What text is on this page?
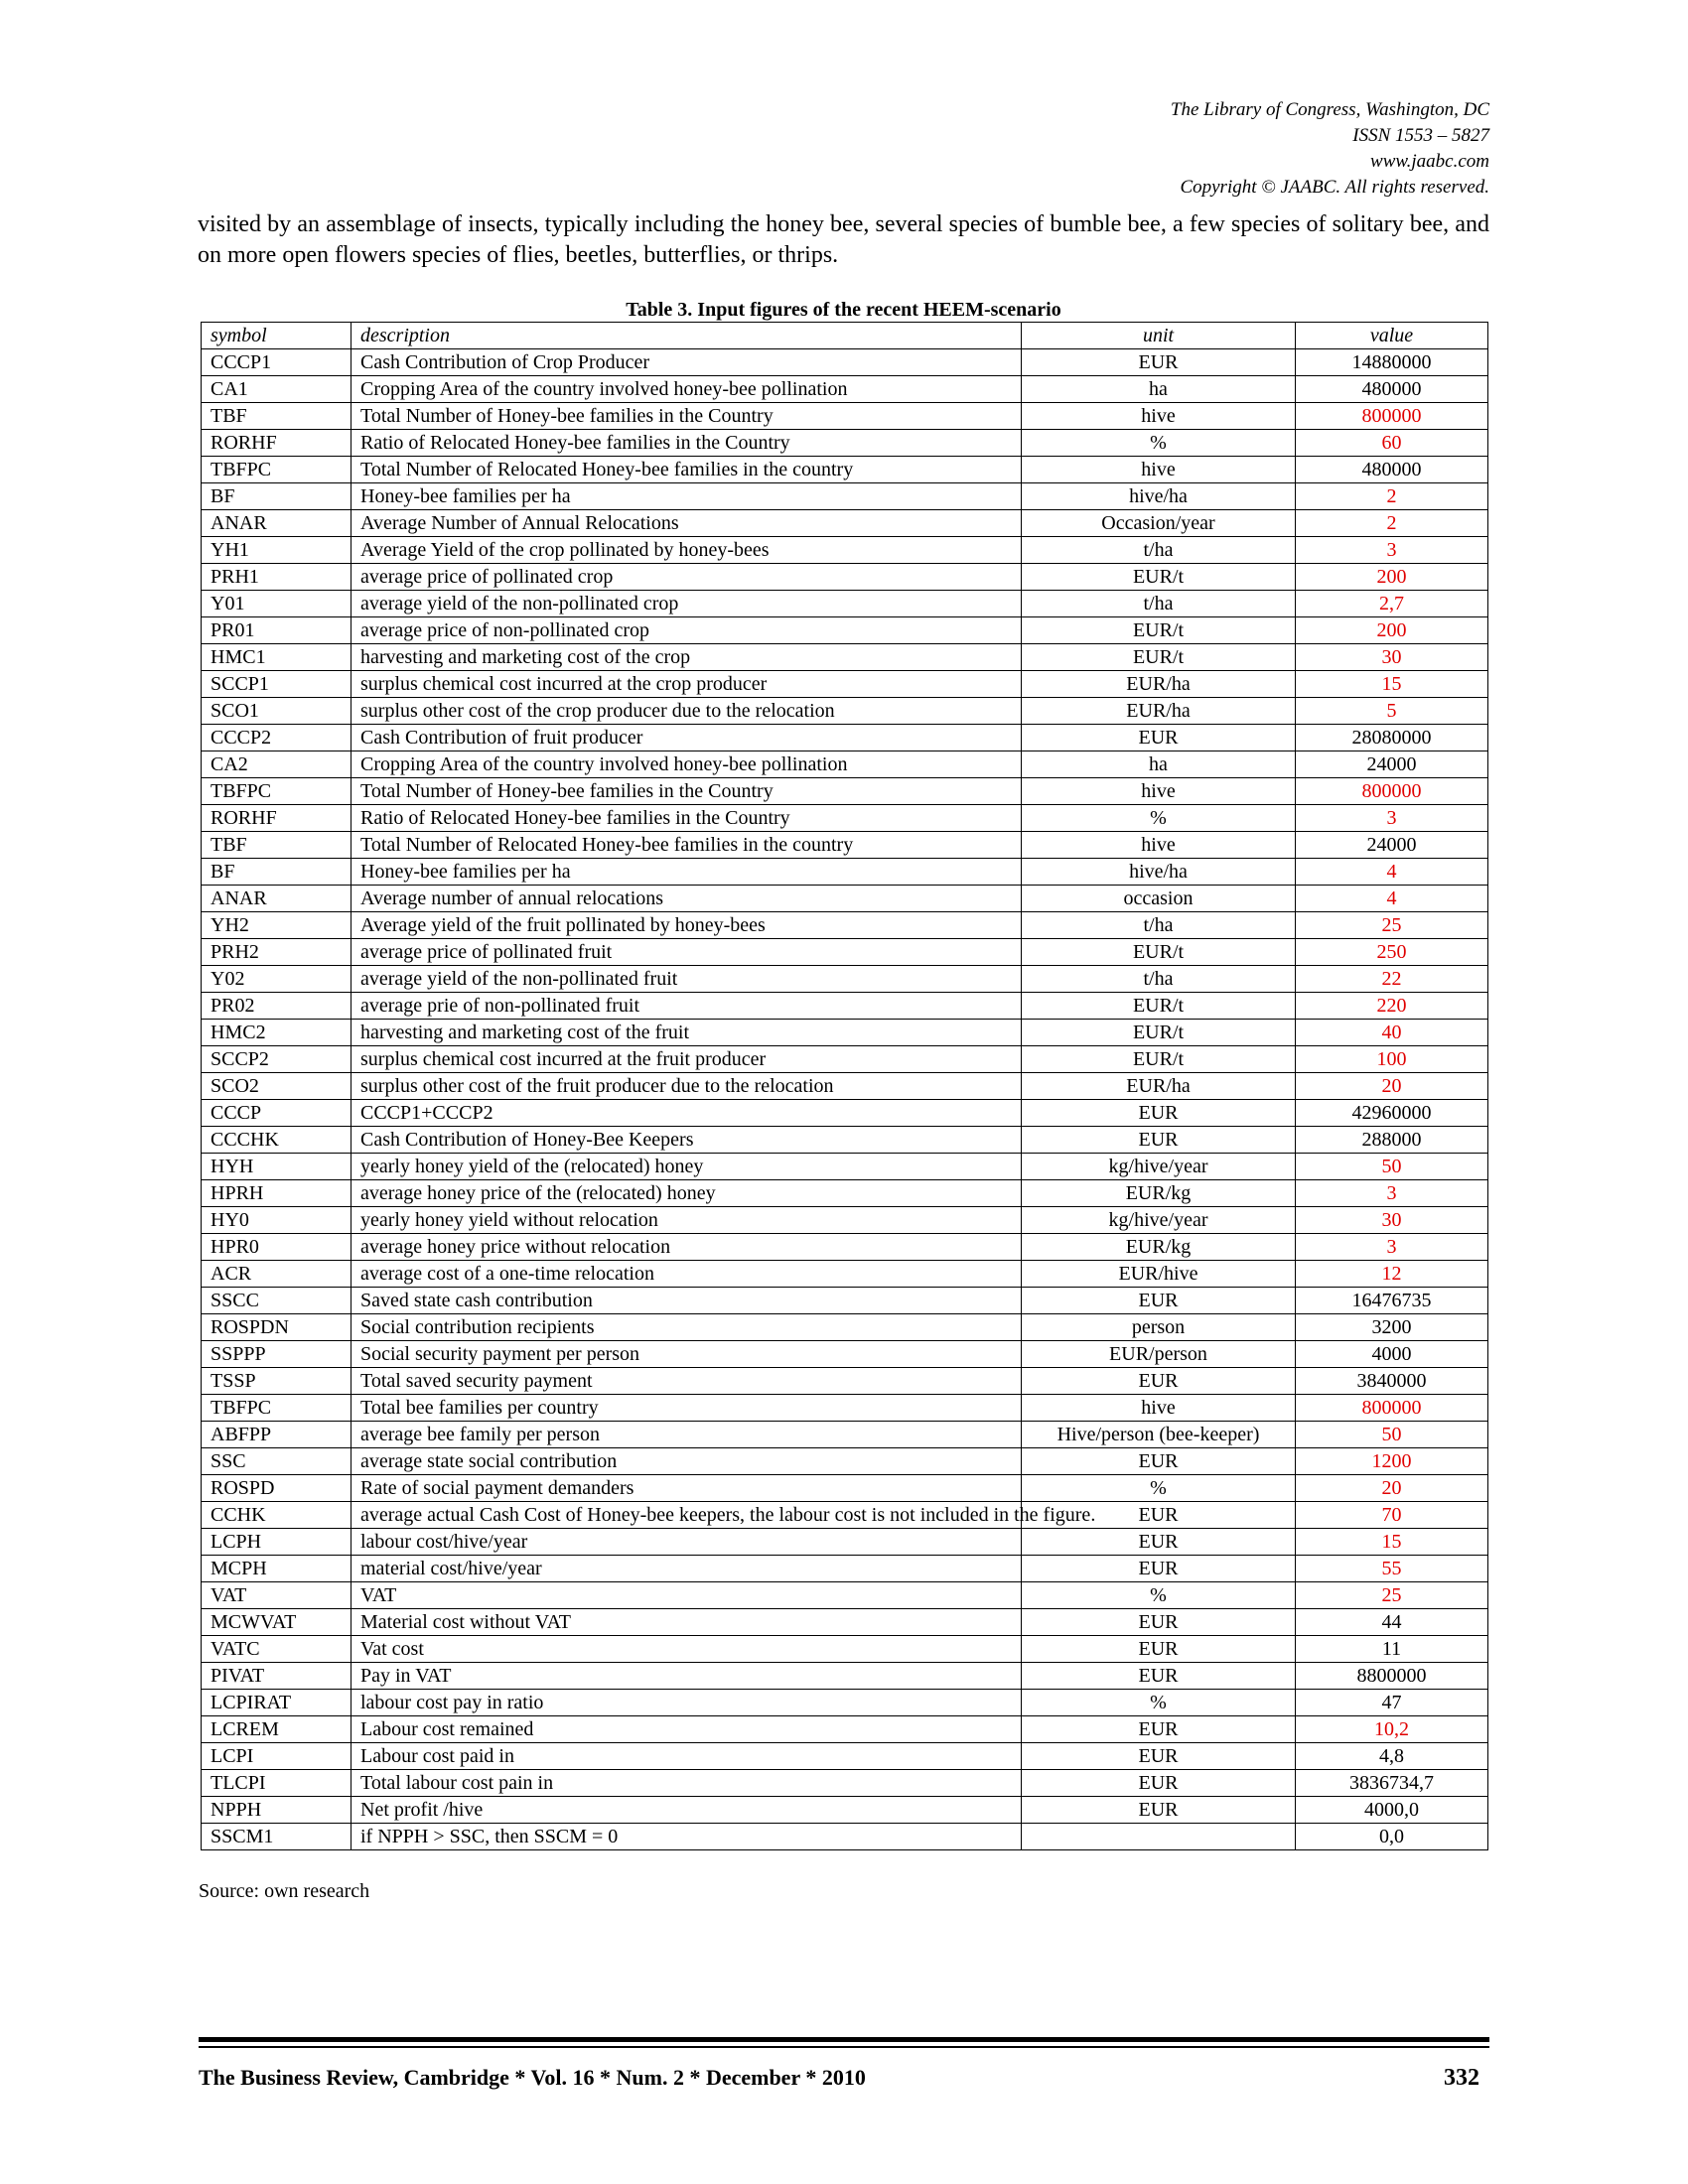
The Library of Congress, Washington, DC
ISSN 1553 – 5827
www.jaabc.com
Copyright © JAABC. All rights reserved.
visited by an assemblage of insects, typically including the honey bee, several species of bumble bee, a few species of solitary bee, and on more open flowers species of flies, beetles, butterflies, or thrips.
Table 3. Input figures of the recent HEEM-scenario
symbol	description	unit	value
CCCP1	Cash Contribution of Crop Producer	EUR	14880000
CA1	Cropping Area of the country involved honey-bee pollination	ha	480000
TBF	Total Number of Honey-bee families in the Country	hive	800000
RORHF	Ratio of Relocated Honey-bee families in the Country	%	60
TBFPC	Total Number of Relocated Honey-bee families in the country	hive	480000
BF	Honey-bee families per ha	hive/ha	2
ANAR	Average Number of Annual Relocations	Occasion/year	2
YH1	Average Yield of the crop pollinated by honey-bees	t/ha	3
PRH1	average price of pollinated crop	EUR/t	200
Y01	average yield of the non-pollinated crop	t/ha	2,7
PR01	average price of non-pollinated crop	EUR/t	200
HMC1	harvesting and marketing cost of the crop	EUR/t	30
SCCP1	surplus chemical cost incurred at the crop producer	EUR/ha	15
SCO1	surplus other cost of the crop producer due to the relocation	EUR/ha	5
CCCP2	Cash Contribution of fruit producer	EUR	28080000
CA2	Cropping Area of the country involved honey-bee pollination	ha	24000
TBFPC	Total Number of Honey-bee families in the Country	hive	800000
RORHF	Ratio of Relocated Honey-bee families in the Country	%	3
TBF	Total Number of Relocated Honey-bee families in the country	hive	24000
BF	Honey-bee families per ha	hive/ha	4
ANAR	Average number of annual relocations	occasion	4
YH2	Average yield of the fruit pollinated by honey-bees	t/ha	25
PRH2	average price of pollinated fruit	EUR/t	250
Y02	average yield of the non-pollinated fruit	t/ha	22
PR02	average prie of non-pollinated fruit	EUR/t	220
HMC2	harvesting and marketing cost of the fruit	EUR/t	40
SCCP2	surplus chemical cost incurred at the fruit producer	EUR/t	100
SCO2	surplus other cost of the fruit producer due to the relocation	EUR/ha	20
CCCP	CCCP1+CCCP2	EUR	42960000
CCCHK	Cash Contribution of Honey-Bee Keepers	EUR	288000
HYH	yearly honey yield of the (relocated) honey	kg/hive/year	50
HPRH	average honey price of the (relocated) honey	EUR/kg	3
HY0	yearly honey yield without relocation	kg/hive/year	30
HPR0	average honey price without relocation	EUR/kg	3
ACR	average cost of a one-time relocation	EUR/hive	12
SSCC	Saved state cash contribution	EUR	16476735
ROSPDN	Social contribution recipients	person	3200
SSPPP	Social security payment per person	EUR/person	4000
TSSP	Total saved security payment	EUR	3840000
TBFPC	Total bee families per country	hive	800000
ABFPP	average bee family per person	Hive/person (bee-keeper)	50
SSC	average state social contribution	EUR	1200
ROSPD	Rate of social payment demanders	%	20
CCHK	average actual Cash Cost of Honey-bee keepers, the labour cost is not included in the figure.	EUR	70
LCPH	labour cost/hive/year	EUR	15
MCPH	material cost/hive/year	EUR	55
VAT	VAT	%	25
MCWVAT	Material cost without VAT	EUR	44
VATC	Vat cost	EUR	11
PIVAT	Pay in VAT	EUR	8800000
LCPIRAT	labour cost pay in ratio	%	47
LCREM	Labour cost remained	EUR	10,2
LCPI	Labour cost paid in	EUR	4,8
TLCPI	Total labour cost pain in	EUR	3836734,7
NPPH	Net profit /hive	EUR	4000,0
SSCM1	if NPPH > SSC, then SSCM = 0		0,0
Source: own research
The Business Review, Cambridge * Vol. 16 * Num. 2 * December * 2010	332
